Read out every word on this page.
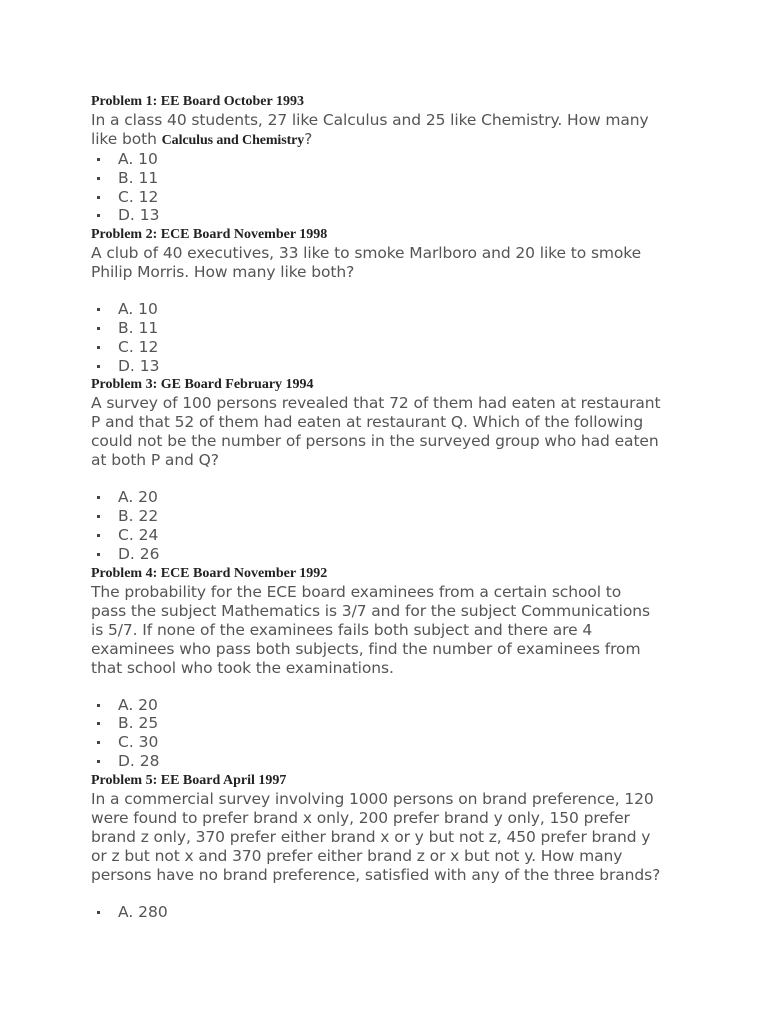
Problem 1: EE Board October 1993

In a class 40 students, 27 like Calculus and 25 like Chemistry. How many like both Calculus and Chemistry?

A. 10
B. 11
C. 12
D. 13

Problem 2: ECE Board November 1998

A club of 40 executives, 33 like to smoke Marlboro and 20 like to smoke Philip Morris. How many like both?

A. 10
B. 11
C. 12
D. 13

Problem 3: GE Board February 1994

A survey of 100 persons revealed that 72 of them had eaten at restaurant P and that 52 of them had eaten at restaurant Q. Which of the following could not be the number of persons in the surveyed group who had eaten at both P and Q?

A. 20
B. 22
C. 24
D. 26

Problem 4: ECE Board November 1992

The probability for the ECE board examinees from a certain school to pass the subject Mathematics is 3/7 and for the subject Communications is 5/7. If none of the examinees fails both subject and there are 4 examinees who pass both subjects, find the number of examinees from that school who took the examinations.

A. 20
B. 25
C. 30
D. 28

Problem 5: EE Board April 1997

In a commercial survey involving 1000 persons on brand preference, 120 were found to prefer brand x only, 200 prefer brand y only, 150 prefer brand z only, 370 prefer either brand x or y but not z, 450 prefer brand y or z but not x and 370 prefer either brand z or x but not y. How many persons have no brand preference, satisfied with any of the three brands?

A. 280
